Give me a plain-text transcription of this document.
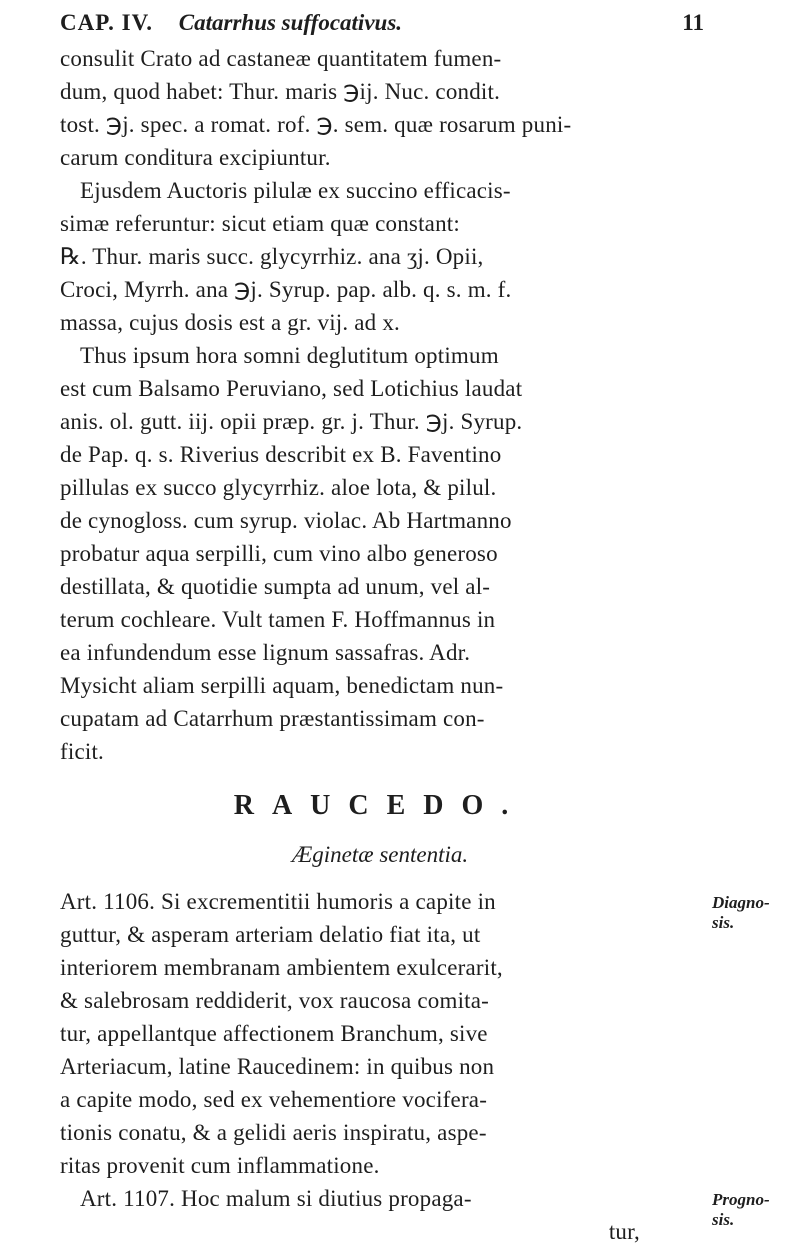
CAP. IV. Catarrhus suffocativus.	11
consulit Crato ad castaneæ quantitatem fumen-
dum, quod habet: Thur. maris ℈ij. Nuc. condit.
tost. ℈j. spec. a romat. rof. ℈. sem. quæ rosarum puni-
carum conditura excipiuntur.
Ejusdem Auctoris pilulæ ex succino efficacis-
simæ referuntur: sicut etiam quæ constant:
℞. Thur. maris succ. glycyrrhiz. ana ʒj. Opii,
Croci, Myrrh. ana ℈j. Syrup. pap. alb. q. s. m. f.
massa, cujus dosis est a gr. vij. ad x.
Thus ipsum hora somni deglutitum optimum
est cum Balsamo Peruviano, sed Lotichius laudat
anis. ol. gutt. iij. opii præp. gr. j. Thur. ℈j. Syrup.
de Pap. q. s. Riverius describit ex B. Faventino
pillulas ex succo glycyrrhiz. aloe lota, & pilul.
de cynogloss. cum syrup. violac. Ab Hartmanno
probatur aqua serpilli, cum vino albo generoso
destillata, & quotidie sumpta ad unum, vel al-
terum cochleare. Vult tamen F. Hoffmannus in
ea infundendum esse lignum sassafras. Adr.
Mysicht aliam serpilli aquam, benedictam nun-
cupatam ad Catarrhum præstantissimam con-
ficit.
RAUCEDO.
Æginetæ sententia.
Art. 1106. Si excrementitii humoris a capite in
guttur, & asperam arteriam delatio fiat ita, ut
interiorem membranam ambientem exulcerarit,
& salebrosam reddiderit, vox raucosa comita-
tur, appellantque affectionem Branchum, sive
Arteriacum, latine Raucedinem: in quibus non
a capite modo, sed ex vehementiore vocifera-
tionis conatu, & a gelidi aeris inspiratu, aspe-
ritas provenit cum inflammatione.
Art. 1107. Hoc malum si diutius propaga-
tur,
Diagno-
sis.
Progno-
sis.
